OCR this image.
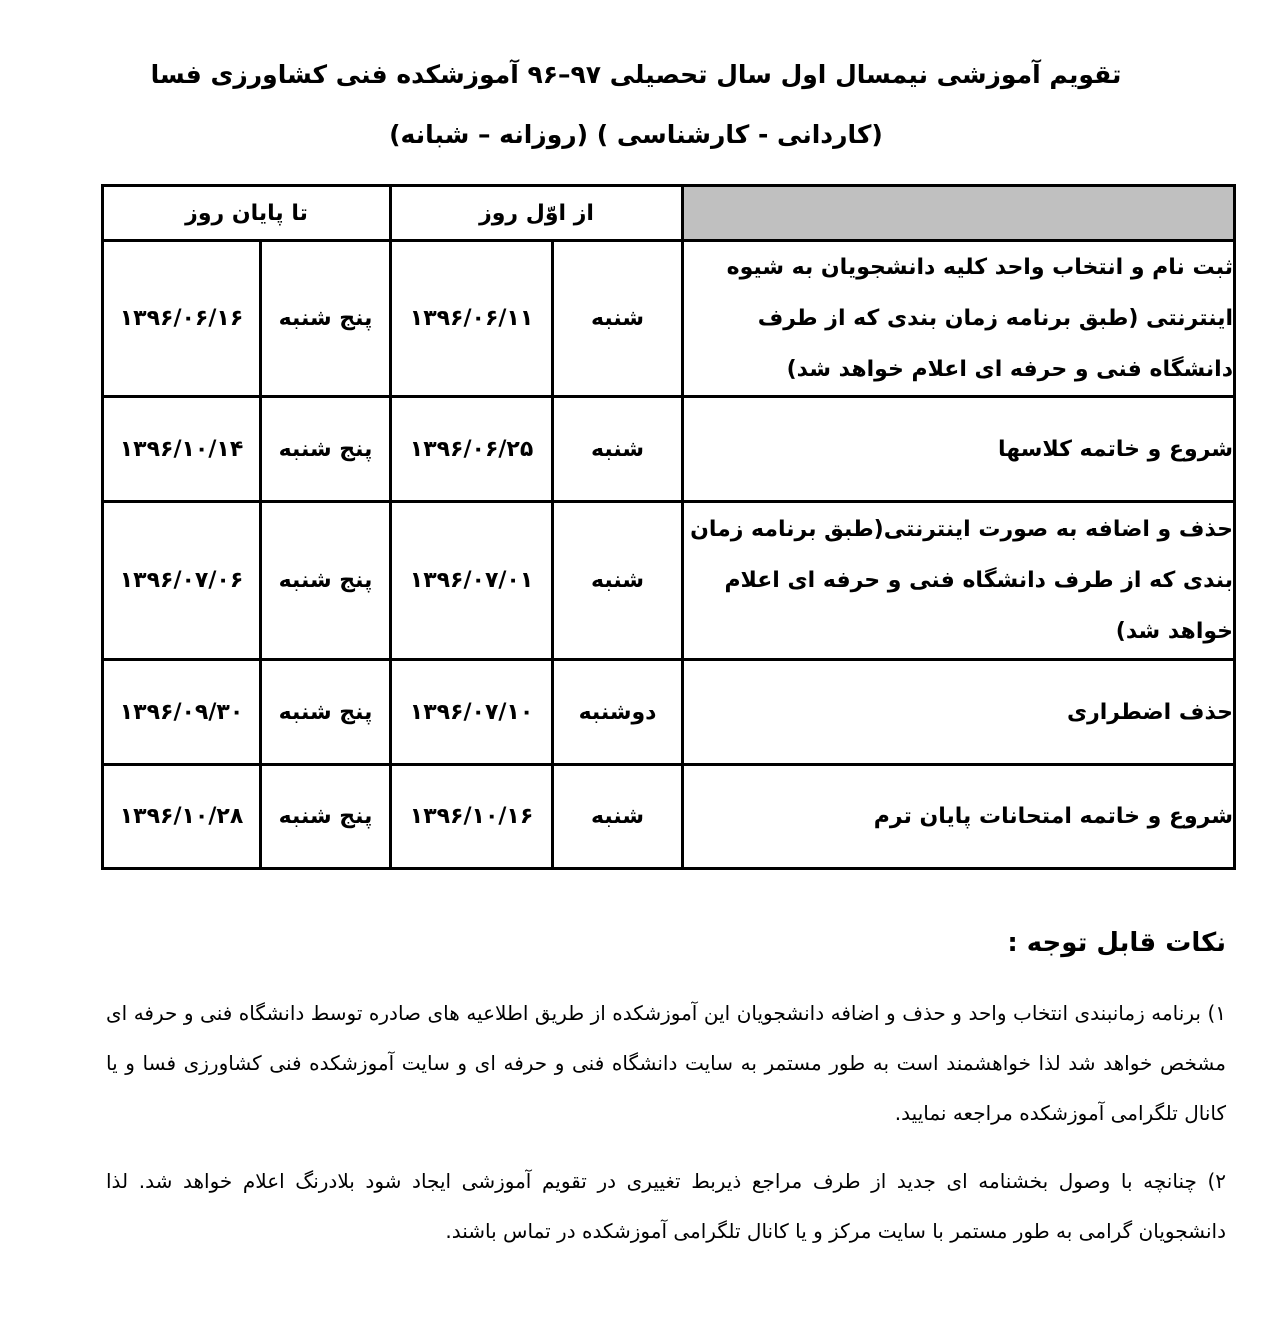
تقویم آموزشی نیمسال اول سال تحصیلی ۹۷–۹۶ آموزشکده فنی کشاورزی فسا
(کاردانی - کارشناسی ) (روزانه – شبانه)
تا پایان روز		از اوّل روز		
۱۳۹۶/۰۶/۱۶	پنج شنبه	۱۳۹۶/۰۶/۱۱	شنبه	ثبت نام و انتخاب واحد کلیه دانشجویان به شیوه اینترنتی (طبق برنامه زمان بندی که از طرف دانشگاه فنی و حرفه ای اعلام خواهد شد)
۱۳۹۶/۱۰/۱۴	پنج شنبه	۱۳۹۶/۰۶/۲۵	شنبه	شروع و خاتمه کلاسها
۱۳۹۶/۰۷/۰۶	پنج شنبه	۱۳۹۶/۰۷/۰۱	شنبه	حذف و اضافه به صورت اینترنتی(طبق برنامه زمان بندی که از طرف دانشگاه فنی و حرفه ای اعلام خواهد شد)
۱۳۹۶/۰۹/۳۰	پنج شنبه	۱۳۹۶/۰۷/۱۰	دوشنبه	حذف اضطراری
۱۳۹۶/۱۰/۲۸	پنج شنبه	۱۳۹۶/۱۰/۱۶	شنبه	شروع و خاتمه امتحانات پایان ترم
نکات قابل توجه :
۱) برنامه زمانبندی انتخاب واحد و حذف و اضافه دانشجویان این آموزشکده از طریق اطلاعیه های صادره توسط دانشگاه فنی و حرفه ای مشخص خواهد شد لذا خواهشمند است به طور مستمر به سایت دانشگاه فنی و حرفه ای و سایت آموزشکده فنی کشاورزی فسا و یا کانال تلگرامی آموزشکده مراجعه نمایید.
۲) چنانچه با وصول بخشنامه ای جدید از طرف مراجع ذیربط تغییری در تقویم آموزشی ایجاد شود بلادرنگ اعلام خواهد شد. لذا دانشجویان گرامی به طور مستمر با سایت مرکز و یا کانال تلگرامی آموزشکده در تماس باشند.
